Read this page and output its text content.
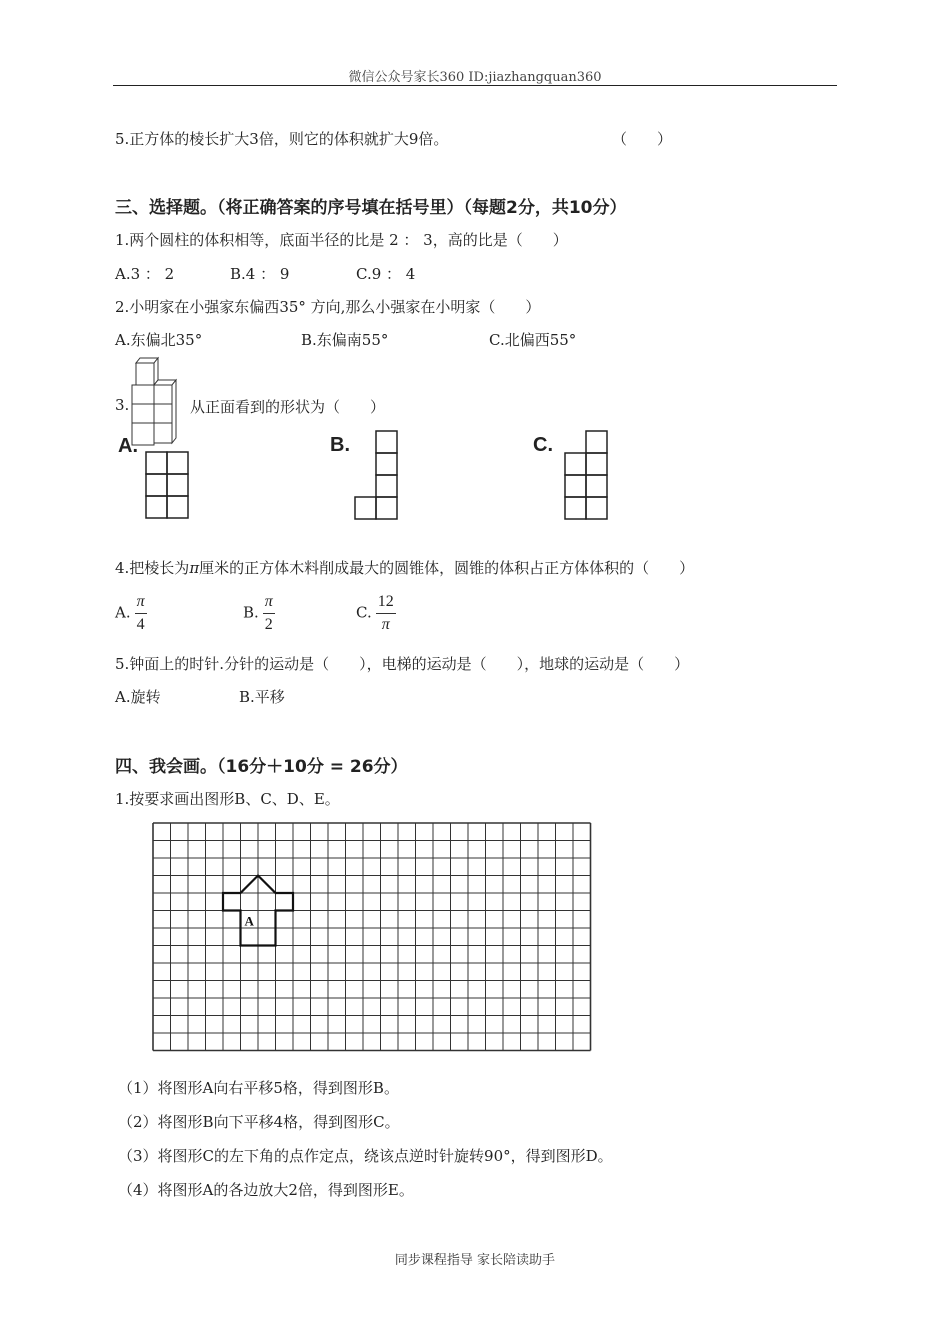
微信公众号家长360 ID:jiazhangquan360
5.正方体的棱长扩大3倍，则它的体积就扩大9倍。	（　　）
三、选择题。（将正确答案的序号填在括号里）（每题2分，共10分）
1.两个圆柱的体积相等，底面半径的比是 2 ： 3，高的比是（　　）
A.3 ： 2	B.4 ： 9	C.9 ： 4
2.小明家在小强家东偏西35° 方向,那么小强家在小明家（　　）
A.东偏北35°	B.东偏南55°	C.北偏西55°
3.	从正面看到的形状为（　　）
A.	B.	C.
4.把棱长为π厘米的正方体木料削成最大的圆锥体，圆锥的体积占正方体体积的（　　）
A. $\frac{\pi}{4}$	B. $\frac{\pi}{2}$	C. $\frac{12}{\pi}$
5.钟面上的时针.分针的运动是（　　），电梯的运动是（　　），地球的运动是（　　）
A.旋转	B.平移
四、我会画。（16分＋10分 = 26分）
1.按要求画出图形B、C、D、E。
A
（1）将图形A向右平移5格，得到图形B。
（2）将图形B向下平移4格，得到图形C。
（3）将图形C的左下角的点作定点，绕该点逆时针旋转90°，得到图形D。
（4）将图形A的各边放大2倍，得到图形E。
同步课程指导 家长陪读助手
